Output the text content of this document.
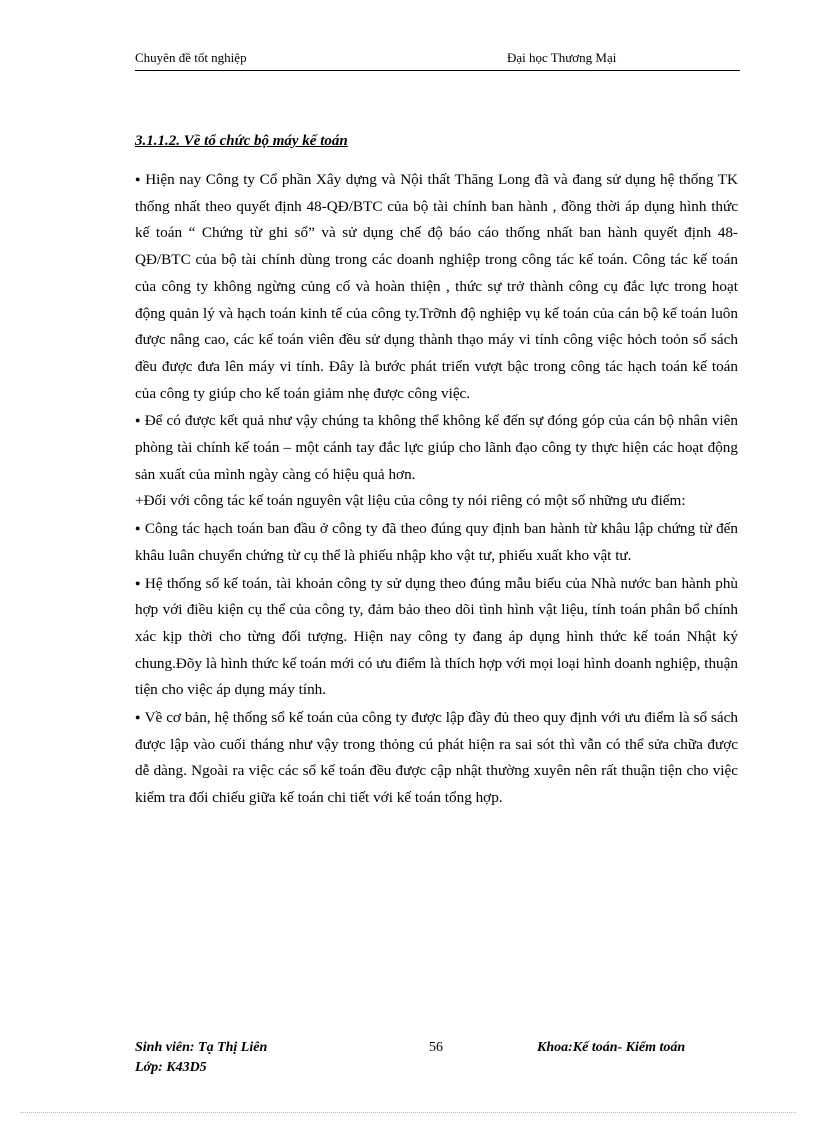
Chuyên đề tốt nghiệp	Đại học Thương Mại
3.1.1.2. Về tổ chức bộ máy kế toán

● Hiện nay Công ty Cổ phần Xây dựng và Nội thất Thăng Long đã và đang sử dụng hệ thống TK thống nhất theo quyết định 48-QĐ/BTC của bộ tài chính ban hành , đồng thời áp dụng hình thức kế toán “ Chứng từ ghi sổ” và sử dụng chế độ báo cáo thống nhất ban hành quyết định 48-QĐ/BTC của bộ tài chính dùng trong các doanh nghiệp trong công tác kế toán. Công tác kế toán của công ty không ngừng củng cố và hoàn thiện , thức sự trở thành công cụ đắc lực trong hoạt động quản lý và hạch toán kinh tế của công ty.Trỡnh độ nghiệp vụ kế toán của cán bộ kế toán luôn được nâng cao, các kế toán viên đều sử dụng thành thạo máy vi tính công việc hỏch toỏn sổ sách đều được đưa lên máy vi tính. Đây là bước phát triển vượt bậc trong công tác hạch toán kế toán của công ty giúp cho kế toán giảm nhẹ được công việc.

● Để có được kết quả như vậy chúng ta không thể không kể đến sự đóng góp của cán bộ nhân viên phòng tài chính kế toán – một cánh tay đắc lực giúp cho lãnh đạo công ty thực hiện các hoạt động sản xuất của mình ngày càng có hiệu quả hơn.

+Đối với công tác kế toán nguyên vật liệu của công ty nói riêng có một số những ưu điểm:

● Công tác hạch toán ban đầu ở công ty đã theo đúng quy định ban hành từ khâu lập chứng từ đến khâu luân chuyển chứng từ cụ thể là phiếu nhập kho vật tư, phiếu xuất kho vật tư.

● Hệ thống sổ kế toán, tài khoản công ty sử dụng theo đúng mẫu biểu của Nhà nước ban hành phù hợp với điều kiện cụ thể của công ty, đảm bảo theo dõi tình hình vật liệu, tính toán phân bổ chính xác kịp thời cho từng đối tượng. Hiện nay công ty đang áp dụng hình thức kế toán Nhật ký chung.Đõy là hình thức kế toán mới có ưu điểm là thích hợp với mọi loại hình doanh nghiệp, thuận tiện cho việc áp dụng máy tính.

● Về cơ bản, hệ thống sổ kế toán của công ty được lập đầy đủ theo quy định với ưu điểm là sổ sách được lập vào cuối tháng như vậy trong thỏng cú phát hiện ra sai sót thì vẫn có thể sửa chữa được dễ dàng. Ngoài ra việc các sổ kế toán đều được cập nhật thường xuyên nên rất thuận tiện cho việc kiểm tra đối chiếu giữa kế toán chi tiết với kế toán tổng hợp.

Sinh viên: Tạ Thị Liên
Lớp: K43D5
56	Khoa:Kế toán- Kiểm toán
